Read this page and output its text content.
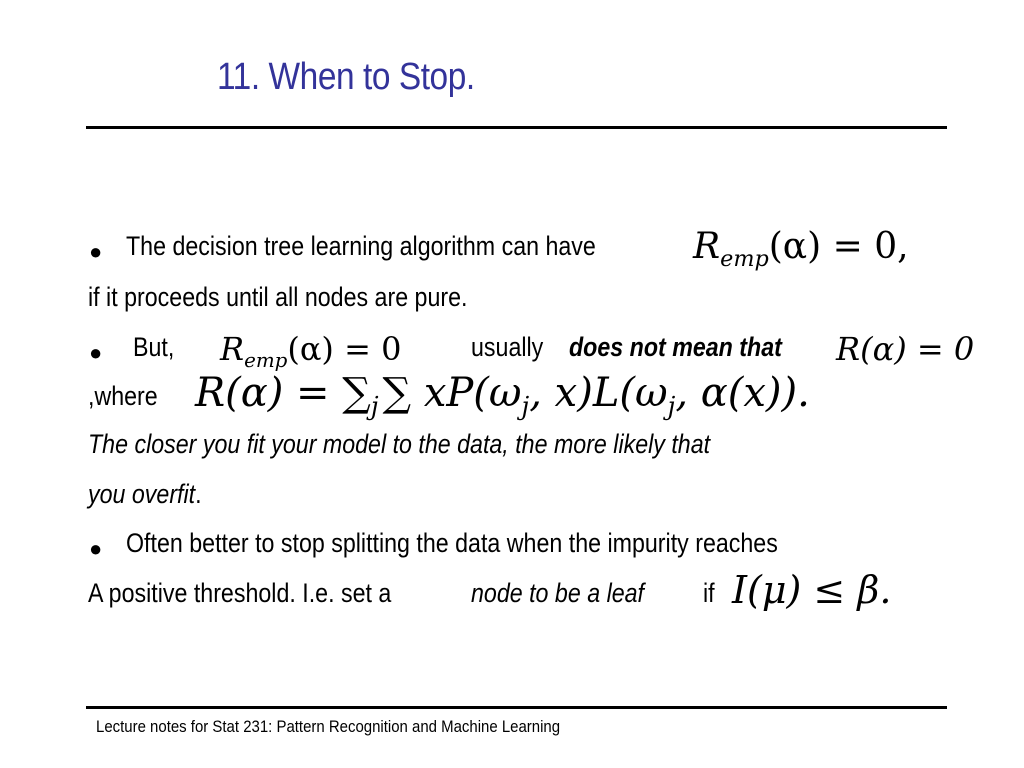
11. When to Stop.
● The decision tree learning algorithm can have	$R_{emp}(\alpha) = 0$,
if it proceeds until all nodes are pure.
● But, $R_{emp}(\alpha) = 0$	usually does not mean that R(α) = 0
,where $R(\alpha) = \sum_j$ ∑ $xP(\omega_j$, $x)L(\omega_j$, α(x)).
The closer you fit your model to the data, the more likely that
you overfit.
● Often better to stop splitting the data when the impurity reaches
A positive threshold. I.e. set a	node to be a leaf if I(μ) ≤ β.
Lecture notes for Stat 231: Pattern Recognition and Machine Learning
